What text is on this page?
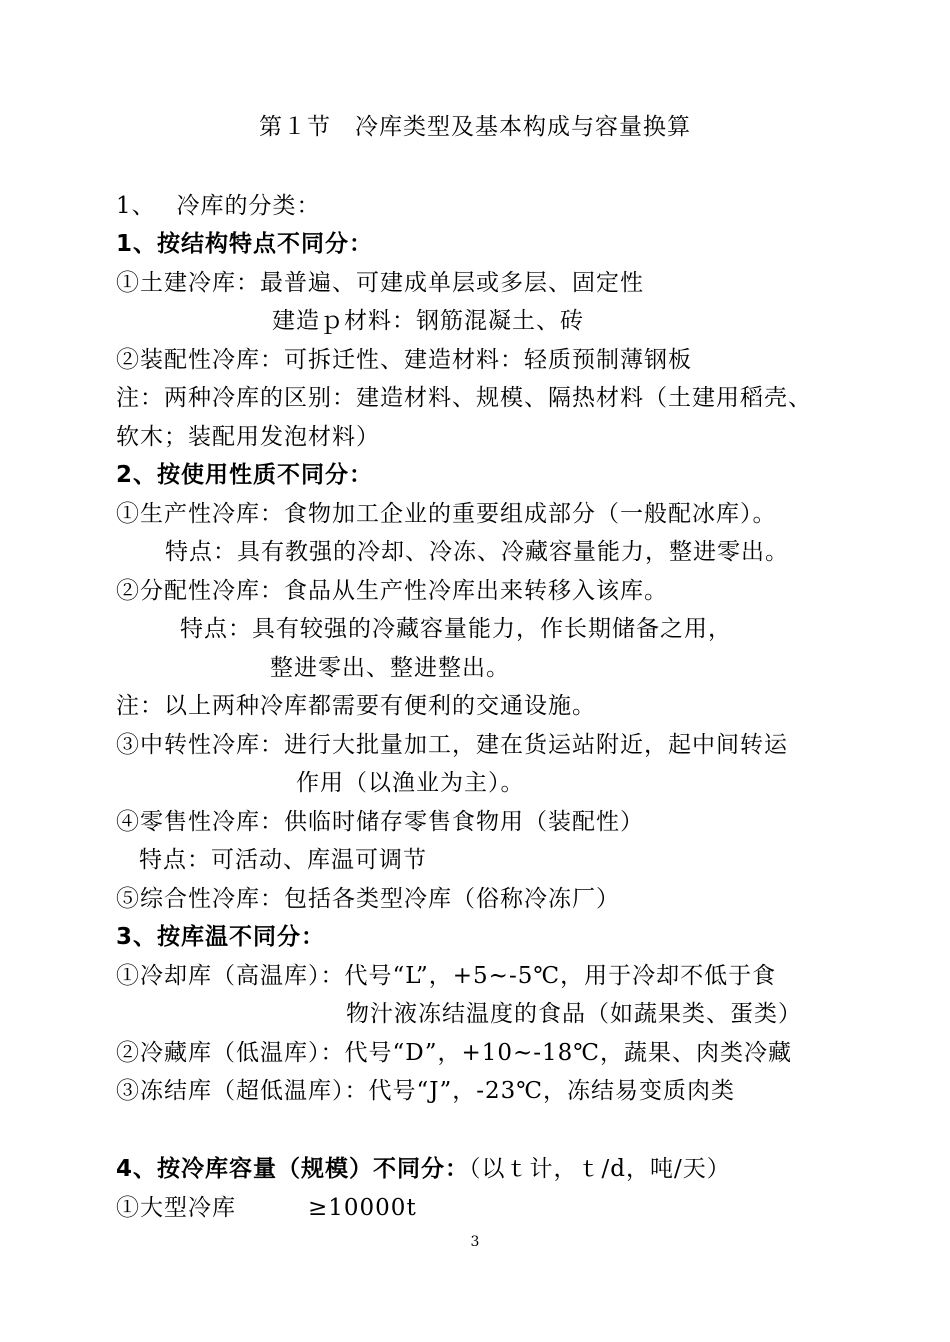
第１节　冷库类型及基本构成与容量换算
1、　 冷库的分类：
1、按结构特点不同分：
①土建冷库：最普遍、可建成单层或多层、固定性
建造ｐ材料：钢筋混凝土、砖
②装配性冷库：可拆迁性、建造材料：轻质预制薄钢板
注：两种冷库的区别：建造材料、规模、隔热材料（土建用稻壳、
软木；装配用发泡材料）
2、按使用性质不同分：
①生产性冷库：食物加工企业的重要组成部分（一般配冰库）。
特点：具有教强的冷却、冷冻、冷藏容量能力，整进零出。
②分配性冷库：食品从生产性冷库出来转移入该库。
特点：具有较强的冷藏容量能力，作长期储备之用，
整进零出、整进整出。
注：以上两种冷库都需要有便利的交通设施。
③中转性冷库：进行大批量加工，建在货运站附近，起中间转运
作用（以渔业为主）。
④零售性冷库：供临时储存零售食物用（装配性）
特点：可活动、库温可调节
⑤综合性冷库：包括各类型冷库（俗称冷冻厂）
3、按库温不同分：
①冷却库（高温库）：代号“L”，+5~-5℃，用于冷却不低于食
物汁液冻结温度的食品（如蔬果类、蛋类）
②冷藏库（低温库）：代号“D”，+10~-18℃，蔬果、肉类冷藏
③冻结库（超低温库）：代号“J”，-23℃，冻结易变质肉类
4、按冷库容量（规模）不同分：（以ｔ计，ｔ/d，吨/天）
①大型冷库　　　≥10000t
3
